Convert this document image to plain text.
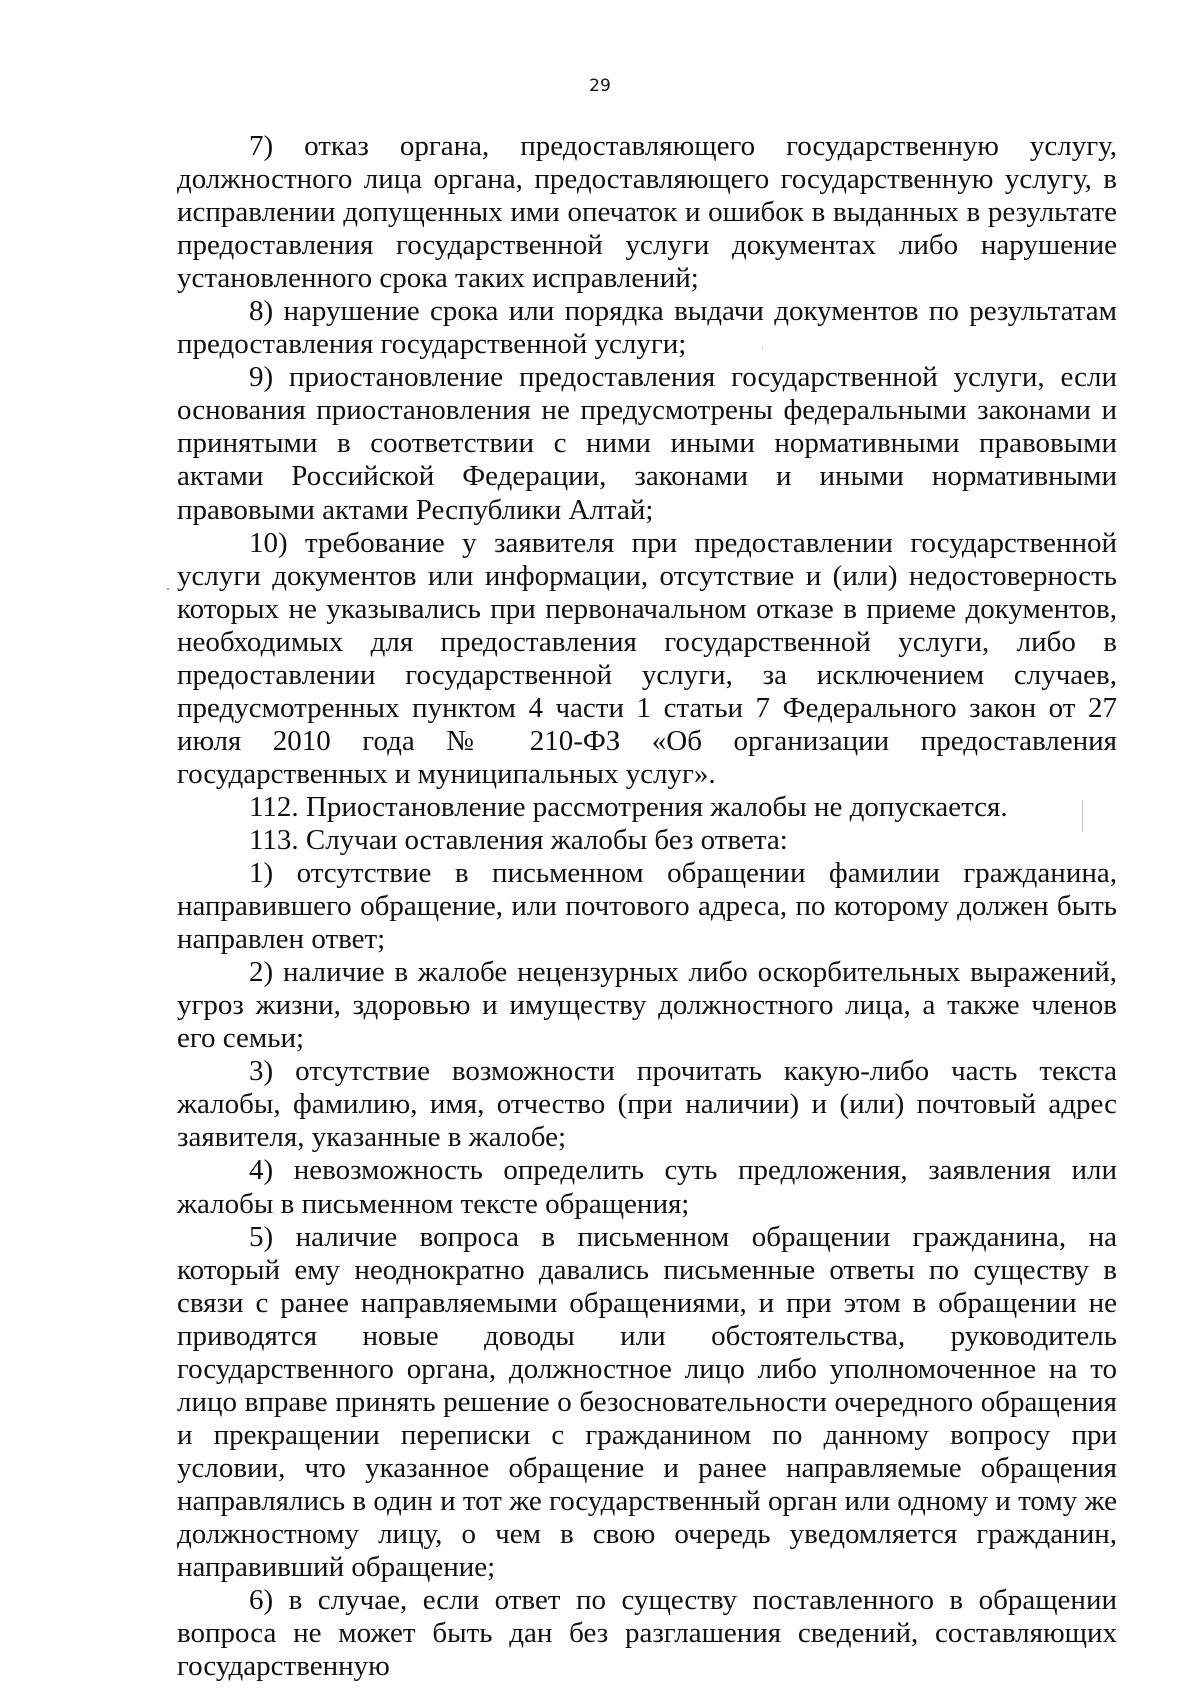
29

7) отказ органа, предоставляющего государственную услугу, должностного лица органа, предоставляющего государственную услугу, в исправлении допущенных ими опечаток и ошибок в выданных в результате предоставления государственной услуги документах либо нарушение установленного срока таких исправлений;

8) нарушение срока или порядка выдачи документов по результатам предоставления государственной услуги;

9) приостановление предоставления государственной услуги, если основания приостановления не предусмотрены федеральными законами и принятыми в соответствии с ними иными нормативными правовыми актами Российской Федерации, законами и иными нормативными правовыми актами Республики Алтай;

10) требование у заявителя при предоставлении государственной услуги документов или информации, отсутствие и (или) недостоверность которых не указывались при первоначальном отказе в приеме документов, необходимых для предоставления государственной услуги, либо в предоставлении государственной услуги, за исключением случаев, предусмотренных пунктом 4 части 1 статьи 7 Федерального закон от 27 июля 2010 года № 210-ФЗ «Об организации предоставления государственных и муниципальных услуг».

112. Приостановление рассмотрения жалобы не допускается.

113. Случаи оставления жалобы без ответа:

1) отсутствие в письменном обращении фамилии гражданина, направившего обращение, или почтового адреса, по которому должен быть направлен ответ;

2) наличие в жалобе нецензурных либо оскорбительных выражений, угроз жизни, здоровью и имуществу должностного лица, а также членов его семьи;

3) отсутствие возможности прочитать какую-либо часть текста жалобы, фамилию, имя, отчество (при наличии) и (или) почтовый адрес заявителя, указанные в жалобе;

4) невозможность определить суть предложения, заявления или жалобы в письменном тексте обращения;

5) наличие вопроса в письменном обращении гражданина, на который ему неоднократно давались письменные ответы по существу в связи с ранее направляемыми обращениями, и при этом в обращении не приводятся новые доводы или обстоятельства, руководитель государственного органа, должностное лицо либо уполномоченное на то лицо вправе принять решение о безосновательности очередного обращения и прекращении переписки с гражданином по данному вопросу при условии, что указанное обращение и ранее направляемые обращения направлялись в один и тот же государственный орган или одному и тому же должностному лицу, о чем в свою очередь уведомляется гражданин, направивший обращение;

6) в случае, если ответ по существу поставленного в обращении вопроса не может быть дан без разглашения сведений, составляющих государственную
